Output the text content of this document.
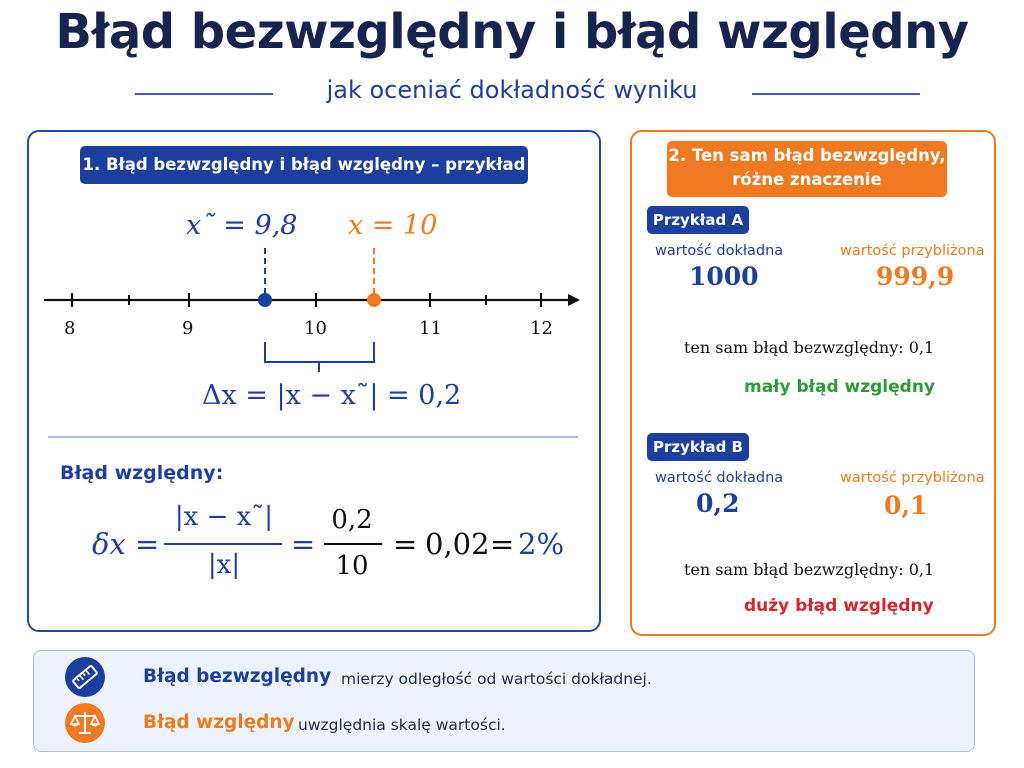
Błąd bezwzględny i błąd względny
jak oceniać dokładność wyniku
1. Błąd bezwzględny i błąd względny – przykład
x˜ = 9,8 x = 10
8	9	10	11	12
Δx = |x − x˜| = 0,2
Błąd względny:
δx =
|x − x˜|
|x|
=
0,2
10
= 0,02 = 2%
2. Ten sam błąd bezwzględny,
różne znaczenie
Przykład A
wartość dokładna	wartość przybliżona
1000	999,9
ten sam błąd bezwzględny: 0,1
mały błąd względny
Przykład B
wartość dokładna	wartość przybliżona
0,2	0,1
ten sam błąd bezwzględny: 0,1
duży błąd względny
Błąd bezwzględny mierzy odległość od wartości dokładnej.
Błąd względny uwzględnia skalę wartości.
